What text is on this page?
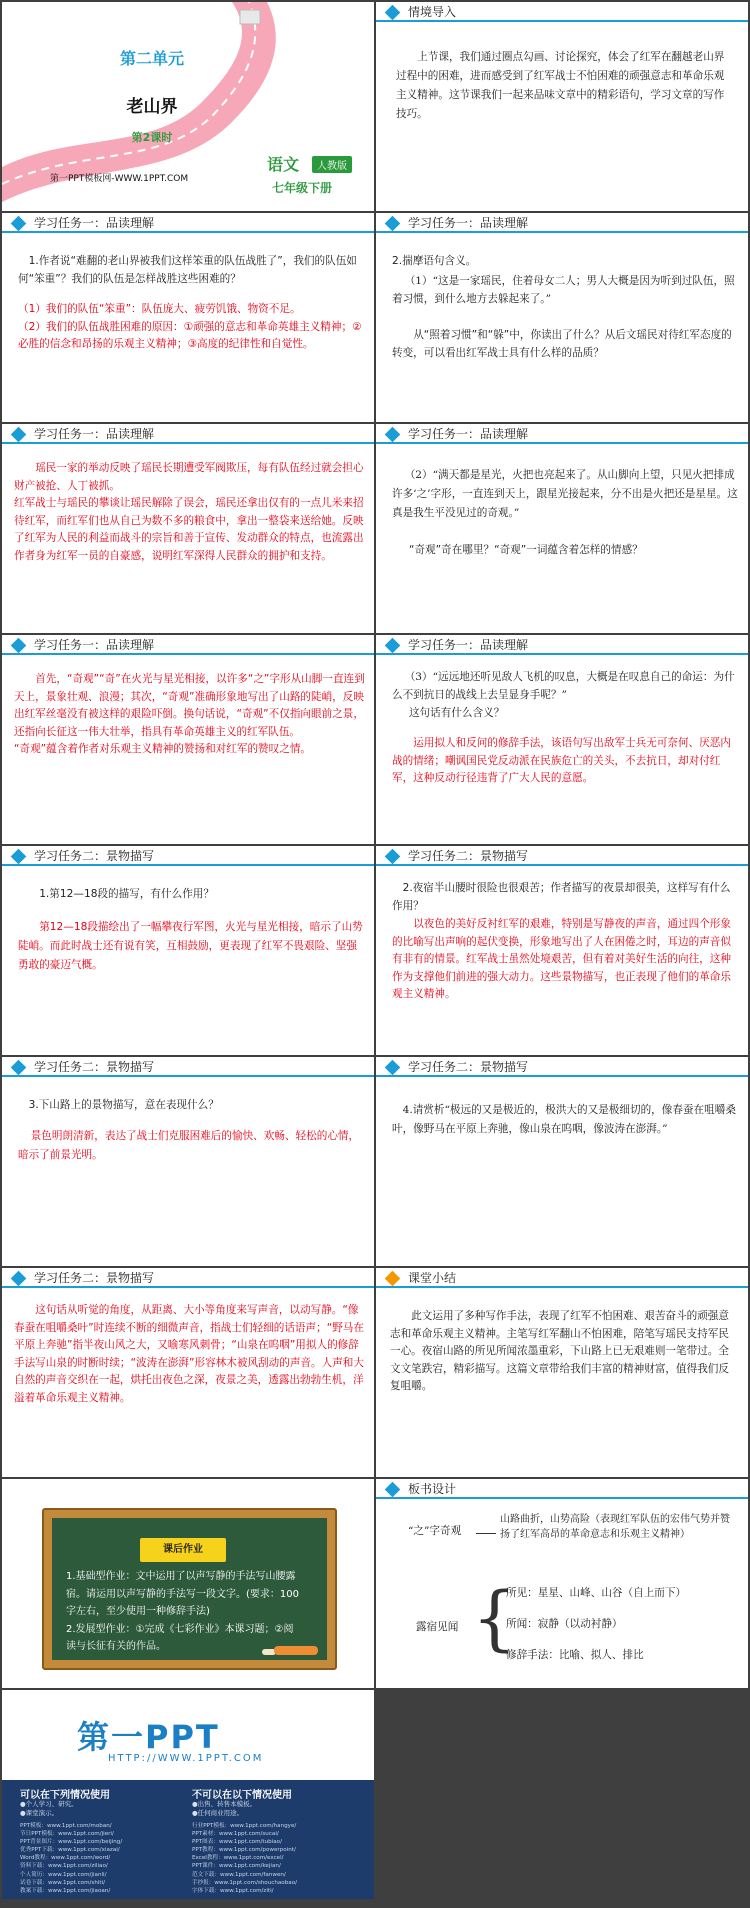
第二单元
老山界
第2课时
第一PPT模板网-WWW.1PPT.COM
语文	人教版
七年级下册
情境导入
上节课，我们通过圈点勾画、讨论探究，体会了红军在翻越老山界过程中的困难，进而感受到了红军战士不怕困难的顽强意志和革命乐观主义精神。这节课我们一起来品味文章中的精彩语句，学习文章的写作技巧。
学习任务一：品读理解
1.作者说“难翻的老山界被我们这样笨重的队伍战胜了”，我们的队伍如何“笨重”？我们的队伍是怎样战胜这些困难的？
（1）我们的队伍“笨重”：队伍庞大、疲劳饥饿、物资不足。
（2）我们的队伍战胜困难的原因：①顽强的意志和革命英雄主义精神；②必胜的信念和昂扬的乐观主义精神；③高度的纪律性和自觉性。
学习任务一：品读理解
2.揣摩语句含义。
（1）“这是一家瑶民，住着母女二人；男人大概是因为听到过队伍，照着习惯，到什么地方去躲起来了。”
从“照着习惯”和“躲”中，你读出了什么？从后文瑶民对待红军态度的转变，可以看出红军战士具有什么样的品质？
学习任务一：品读理解
瑶民一家的举动反映了瑶民长期遭受军阀欺压，每有队伍经过就会担心财产被抢、人丁被抓。
红军战士与瑶民的攀谈让瑶民解除了误会，瑶民还拿出仅有的一点儿米来招待红军，而红军们也从自己为数不多的粮食中，拿出一整袋来送给她。反映了红军为人民的利益而战斗的宗旨和善于宣传、发动群众的特点，也流露出作者身为红军一员的自豪感，说明红军深得人民群众的拥护和支持。
学习任务一：品读理解
（2）“满天都是星光，火把也亮起来了。从山脚向上望，只见火把排成许多‘之’字形，一直连到天上，跟星光接起来，分不出是火把还是星星。这真是我生平没见过的奇观。”
“奇观”奇在哪里？“奇观”一词蕴含着怎样的情感？
学习任务一：品读理解
首先，“奇观”“奇”在火光与星光相接，以许多“之”字形从山脚一直连到天上，景象壮观、浪漫；其次，“奇观”准确形象地写出了山路的陡峭，反映出红军丝毫没有被这样的艰险吓倒。换句话说，“奇观”不仅指向眼前之景，还指向长征这一伟大壮举，指具有革命英雄主义的红军队伍。
“奇观”蕴含着作者对乐观主义精神的赞扬和对红军的赞叹之情。
学习任务一：品读理解
（3）“远远地还听见敌人飞机的叹息，大概是在叹息自己的命运：为什么不到抗日的战线上去呈显身手呢？”
这句话有什么含义？
运用拟人和反问的修辞手法，该语句写出敌军士兵无可奈何、厌恶内战的情绪；嘲讽国民党反动派在民族危亡的关头，不去抗日，却对付红军，这种反动行径违背了广大人民的意愿。
学习任务二：景物描写
1.第12—18段的描写，有什么作用？
第12—18段描绘出了一幅攀夜行军图，火光与星光相接，暗示了山势陡峭。而此时战士还有说有笑，互相鼓励，更表现了红军不畏艰险、坚强勇敢的豪迈气概。
学习任务二：景物描写
2.夜宿半山腰时很险也很艰苦；作者描写的夜景却很美，这样写有什么作用？
以夜色的美好反衬红军的艰难，特别是写静夜的声音，通过四个形象的比喻写出声响的起伏变换，形象地写出了人在困倦之时，耳边的声音似有非有的情景。红军战士虽然处境艰苦，但有着对美好生活的向往，这种作为支撑他们前进的强大动力。这些景物描写，也正表现了他们的革命乐观主义精神。
学习任务二：景物描写
3.下山路上的景物描写，意在表现什么？
景色明朗清新，表达了战士们克服困难后的愉快、欢畅、轻松的心情，暗示了前景光明。
学习任务二：景物描写
4.请赏析“极远的又是极近的，极洪大的又是极细切的，像春蚕在咀嚼桑叶，像野马在平原上奔驰，像山泉在呜咽，像波涛在澎湃。”
学习任务二：景物描写
这句话从听觉的角度，从距离、大小等角度来写声音，以动写静。“像春蚕在咀嚼桑叶”时连续不断的细微声音，指战士们轻细的话语声；“野马在平原上奔驰”指半夜山风之大，又喻寒风刺骨；“山泉在呜咽”用拟人的修辞手法写山泉的时断时续；“波涛在澎湃”形容林木被风刮动的声音。人声和大自然的声音交织在一起，烘托出夜色之深，夜景之美，透露出勃勃生机，洋溢着革命乐观主义精神。
课堂小结
此文运用了多种写作手法，表现了红军不怕困难、艰苦奋斗的顽强意志和革命乐观主义精神。主笔写红军翻山不怕困难，陪笔写瑶民支持军民一心。夜宿山路的所见所闻浓墨重彩，下山路上已无艰难则一笔带过。全文文笔跌宕，精彩描写。这篇文章带给我们丰富的精神财富，值得我们反复咀嚼。
课后作业
1.基础型作业：文中运用了以声写静的手法写山腰露宿。请运用以声写静的手法写一段文字。(要求：100字左右，至少使用一种修辞手法)
2.发展型作业：①完成《七彩作业》本课习题；②阅读与长征有关的作品。
板书设计
“之”字奇观
山路曲折，山势高险（表现红军队伍的宏伟气势并赞扬了红军高昂的革命意志和乐观主义精神）
露宿见闻 {
所见：星星、山峰、山谷（自上而下）
所闻：寂静（以动衬静）
修辞手法：比喻、拟人、排比
第一PPT
HTTP://WWW.1PPT.COM
可以在下列情况使用
●个人学习、研究。
●课堂演示。
不可以在以下情况使用
●出售、转售本模板。
●任何商业用途。
PPT模板：www.1ppt.com/moban/
节日PPT模板：www.1ppt.com/jieri/
PPT背景图片：www.1ppt.com/beijing/
优秀PPT下载：www.1ppt.com/xiazai/
Word教程：www.1ppt.com/word/
资料下载：www.1ppt.com/ziliao/
个人简历：www.1ppt.com/jianli/
试卷下载：www.1ppt.com/shiti/
教案下载：www.1ppt.com/jiaoan/
行业PPT模板：www.1ppt.com/hangye/
PPT素材：www.1ppt.com/sucai/
PPT图表：www.1ppt.com/tubiao/
PPT教程：www.1ppt.com/powerpoint/
Excel教程：www.1ppt.com/excel/
PPT课件：www.1ppt.com/kejian/
范文下载：www.1ppt.com/fanwen/
手抄报：www.1ppt.com/shouchaobao/
字体下载：www.1ppt.com/ziti/
